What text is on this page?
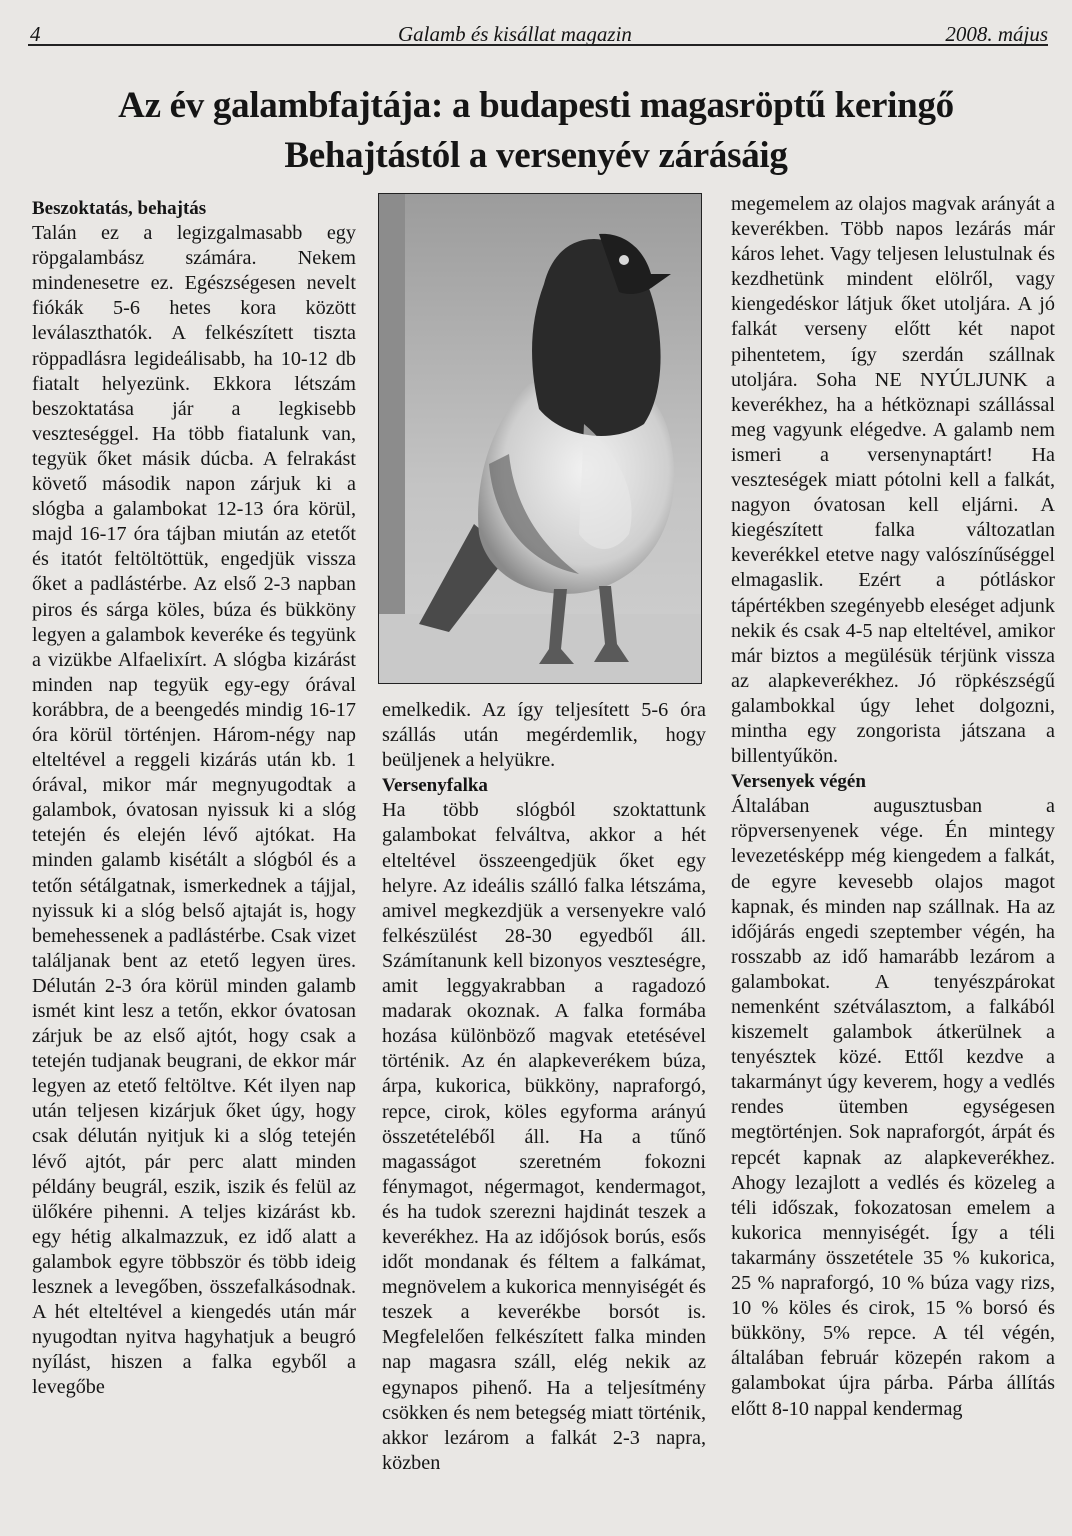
4	Galamb és kisállat magazin	2008. május
Az év galambfajtája: a budapesti magasröptű keringő
Behajtástól a versenyév zárásáig
Beszoktatás, behajtás

Talán ez a legizgalmasabb egy röpgalambász számára. Nekem mindenesetre ez. Egészségesen nevelt fiókák 5-6 hetes kora között leválaszthatók. A felkészített tiszta röppadlásra legideálisabb, ha 10-12 db fiatalt helyezünk. Ekkora létszám beszoktatása jár a legkisebb veszteséggel. Ha több fiatalunk van, tegyük őket másik dúcba. A felrakást követő második napon zárjuk ki a slógba a galambokat 12-13 óra körül, majd 16-17 óra tájban miután az etetőt és itatót feltöltöttük, engedjük vissza őket a padlástérbe. Az első 2-3 napban piros és sárga köles, búza és bükköny legyen a galambok keveréke és tegyünk a vizükbe Alfaelixírt. A slógba kizárást minden nap tegyük egy-egy órával korábbra, de a beengedés mindig 16-17 óra körül történjen. Három-négy nap elteltével a reggeli kizárás után kb. 1 órával, mikor már megnyugodtak a galambok, óvatosan nyissuk ki a slóg tetején és elején lévő ajtókat. Ha minden galamb kisétált a slógból és a tetőn sétálgatnak, ismerkednek a tájjal, nyissuk ki a slóg belső ajtaját is, hogy bemehessenek a padlástérbe. Csak vizet találjanak bent az etető legyen üres. Délután 2-3 óra körül minden galamb ismét kint lesz a tetőn, ekkor óvatosan zárjuk be az első ajtót, hogy csak a tetején tudjanak beugrani, de ekkor már legyen az etető feltöltve. Két ilyen nap után teljesen kizárjuk őket úgy, hogy csak délután nyitjuk ki a slóg tetején lévő ajtót, pár perc alatt minden példány beugrál, eszik, iszik és felül az ülőkére pihenni. A teljes kizárást kb. egy hétig alkalmazzuk, ez idő alatt a galambok egyre többször és több ideig lesznek a levegőben, összefalkásodnak. A hét elteltével a kiengedés után már nyugodtan nyitva hagyhatjuk a beugró nyílást, hiszen a falka egyből a levegőbe

emelkedik. Az így teljesített 5-6 óra szállás után megérdemlik, hogy beüljenek a helyükre.

Versenyfalka

Ha több slógból szoktattunk galambokat felváltva, akkor a hét elteltével összeengedjük őket egy helyre. Az ideális szálló falka létszáma, amivel megkezdjük a versenyekre való felkészülést 28-30 egyedből áll. Számítanunk kell bizonyos veszteségre, amit leggyakrabban a ragadozó madarak okoznak. A falka formába hozása különböző magvak etetésével történik. Az én alapkeverékem búza, árpa, kukorica, bükköny, napraforgó, repce, cirok, köles egyforma arányú összetételéből áll. Ha a tűnő magasságot szeretném fokozni fénymagot, négermagot, kendermagot, és ha tudok szerezni hajdinát teszek a keverékhez. Ha az időjósok borús, esős időt mondanak és féltem a falkámat, megnövelem a kukorica mennyiségét és teszek a keverékbe borsót is. Megfelelően felkészített falka minden nap magasra száll, elég nekik az egynapos pihenő. Ha a teljesítmény csökken és nem betegség miatt történik, akkor lezárom a falkát 2-3 napra, közben

megemelem az olajos magvak arányát a keverékben. Több napos lezárás már káros lehet. Vagy teljesen lelustulnak és kezdhetünk mindent elölről, vagy kiengedéskor látjuk őket utoljára. A jó falkát verseny előtt két napot pihentetem, így szerdán szállnak utoljára. Soha NE NYÚLJUNK a keverékhez, ha a hétköznapi szállással meg vagyunk elégedve. A galamb nem ismeri a versenynaptárt! Ha veszteségek miatt pótolni kell a falkát, nagyon óvatosan kell eljárni. A kiegészített falka változatlan keverékkel etetve nagy valószínűséggel elmagaslik. Ezért a pótláskor tápértékben szegényebb eleséget adjunk nekik és csak 4-5 nap elteltével, amikor már biztos a megülésük térjünk vissza az alapkeverékhez. Jó röpkészségű galambokkal úgy lehet dolgozni, mintha egy zongorista játszana a billentyűkön.

Versenyek végén

Általában augusztusban a röpversenyenek vége. Én mintegy levezetésképp még kiengedem a falkát, de egyre kevesebb olajos magot kapnak, és minden nap szállnak. Ha az időjárás engedi szeptember végén, ha rosszabb az idő hamarább lezárom a galambokat. A tenyészpárokat nemenként szétválasztom, a falkából kiszemelt galambok átkerülnek a tenyésztek közé. Ettől kezdve a takarmányt úgy keverem, hogy a vedlés rendes ütemben egységesen megtörténjen. Sok napraforgót, árpát és repcét kapnak az alapkeverékhez. Ahogy lezajlott a vedlés és közeleg a téli időszak, fokozatosan emelem a kukorica mennyiségét. Így a téli takarmány összetétele 35 % kukorica, 25 % napraforgó, 10 % búza vagy rizs, 10 % köles és cirok, 15 % borsó és bükköny, 5% repce. A tél végén, általában február közepén rakom a galambokat újra párba. Párba állítás előtt 8-10 nappal kendermag
